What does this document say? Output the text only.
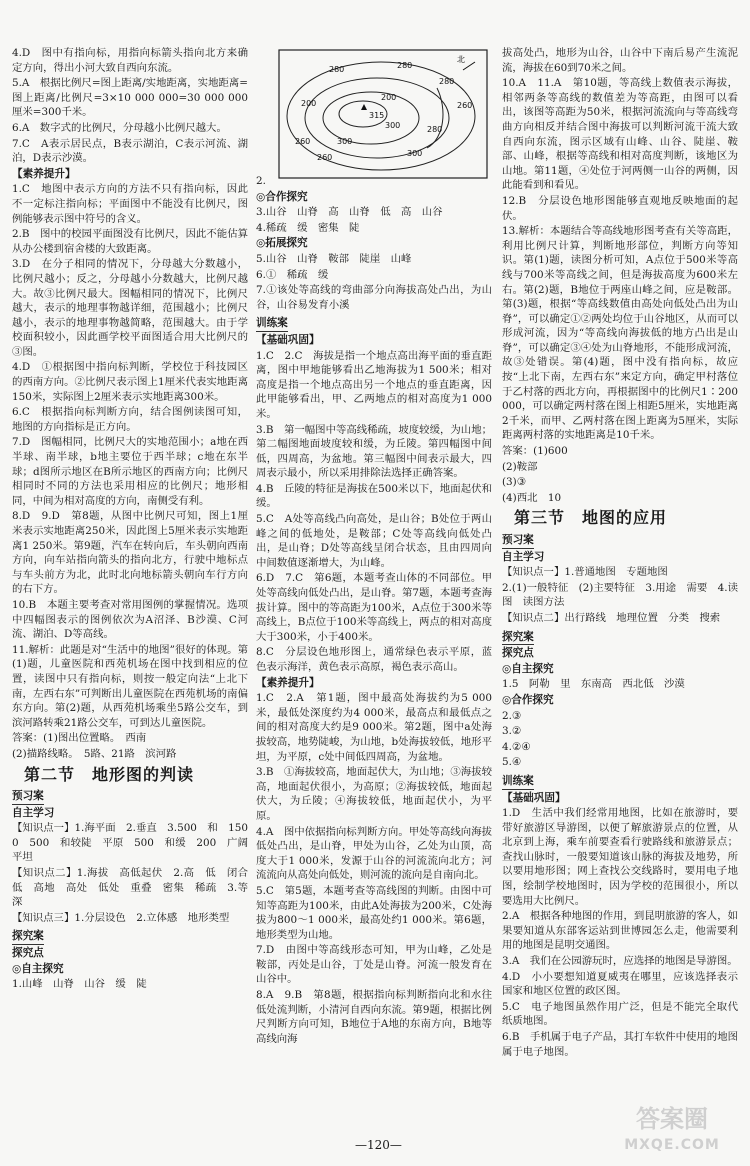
4.D　图中有指向标，用指向标箭头指向北方来确定方向，得出小河大致自西向东流。
5.A　根据比例尺=图上距离/实地距离，实地距离=图上距离/比例尺=3×10 000 000=30 000 000厘米=300千米。
6.A　数字式的比例尺，分母越小比例尺越大。
7.C　A表示居民点，B表示湖泊，C表示河流、湖泊，D表示沙漠。
【素养提升】
1.C　地图中表示方向的方法不只有指向标，因此不一定标注指向标；平面图中不能没有比例尺，图例能够表示图中符号的含义。
2.B　图中的校园平面图没有比例尺，因此不能估算从办公楼到宿舍楼的大致距离。
3.D　在分子相同的情况下，分母越大分数越小，比例尺越小；反之，分母越小分数越大，比例尺越大。故③比例尺最大。图幅相同的情况下，比例尺越大，表示的地理事物越详细，范围越小；比例尺越小，表示的地理事物越简略，范围越大。由于学校面积较小，因此画学校平面图适合用大比例尺的③图。
4.D　①根据图中指向标判断，学校位于科技园区的西南方向。②比例尺表示图上1厘米代表实地距离150米，实际图上2厘米表示实地距离300米。
6.C　根据指向标判断方向，结合图例读图可知，地图的方向指标是正方向。
7.D　图幅相同，比例尺大的实地范围小；a地在西半球、南半球，b地主要位于西半球；c地在东半球；d图所示地区在B所示地区的西南方向；比例尺相同时不同的方法也采用相应的比例尺；地形相同，中间为相对高度的方向，南侧受有利。
8.D　9.D　第8题，从图中比例尺可知，图上1厘米表示实地距离250米，因此图上5厘米表示实地距离1 250米。第9题，汽车在转向后，车头朝向西南方向，向车站指向箭头的指向北方，行驶中地标点与车头前方为北，此时北向地标箭头朝向车行方向的右下方。
10.B　本题主要考查对常用图例的掌握情况。选项中四幅图表示的图例依次为A沼泽、B沙漠、C河流、湖泊、D等高线。
11.解析：此题是对“生活中的地图”很好的体现。第(1)题，儿童医院和西苑机场在图中找到相应的位置，读图中只有指向标，则按一般定向法“上北下南，左西右东”可判断出儿童医院在西苑机场的南偏东方向。第(2)题，从西苑机场乘坐5路公交车，到滨河路转乘21路公交车，可到达儿童医院。
答案：(1)图出位置略。　西南
(2)描路线略。　5路、21路　滨河路
第二节　地形图的判读
预习案

自主学习
【知识点一】1.海平面　2.垂直　3.500　和　1500　500　和较陡　平原　500　和缓　200　广阔平坦
【知识点二】1.海拔　高低起伏　2.高　低　闭合　低　高地　高处　低处　重叠　密集　稀疏　3.等深
【知识点三】1.分层设色　2.立体感　地形类型
探究案

探究点
◎自主探究
1.山峰　山脊　山谷　缓　陡
2.
200
260
260
280	280
280
300
300
200
260
280
300
315
北
◎合作探究
3.山谷　山脊　高　山脊　低　高　山谷
4.稀疏　缓　密集　陡
◎拓展探究
5.山谷　山脊　鞍部　陡崖　山峰
6.①　稀疏　缓
7.①该处等高线的弯曲部分向海拔高处凸出，为山谷，山谷易发育小溪
训练案

【基础巩固】
1.C　2.C　海拔是指一个地点高出海平面的垂直距离，图中甲地能够看出乙地海拔为1 500米；相对高度是指一个地点高出另一个地点的垂直距离，因此甲能够看出，甲、乙两地点的相对高度为1 000米。
3.B　第一幅图中等高线稀疏，坡度较缓，为山地；第二幅图地面坡度较和缓，为丘陵。第四幅图中间低，四周高，为盆地。第三幅图中间表示最大，四周表示最小，所以采用排除法选择正确答案。
4.B　丘陵的特征是海拔在500米以下，地面起伏和缓。
5.C　A处等高线凸向高处，是山谷；B处位于两山峰之间的低地处，是鞍部；C处等高线向低处凸出，是山脊；D处等高线呈闭合状态，且由四周向中间数值逐渐增大，为山峰。
6.D　7.C　第6题，本题考查山体的不同部位。甲处等高线向低处凸出，是山脊。第7题，本题考查海拔计算。图中的等高距为100米，A点位于300米等高线上，B点位于100米等高线上，两点的相对高度大于300米，小于400米。
8.C　分层设色地形图上，通常绿色表示平原，蓝色表示海洋，黄色表示高原，褐色表示高山。
【素养提升】
1.C　2.A　第1题，图中最高处海拔约为5 000米，最低处深度约为4 000米，最高点和最低点之间的相对高度大约是9 000米。第2题，图中a处海拔较高，地势陡峻，为山地，b处海拔较低，地形平坦，为平原，c处中间低四周高，为盆地。
3.B　①海拔较高，地面起伏大，为山地；③海拔较高，地面起伏很小，为高原；②海拔较低，地面起伏大，为丘陵；④海拔较低，地面起伏小，为平原。
4.A　图中依据指向标判断方向。甲处等高线向海拔低处凸出，是山脊，甲处为山谷，乙处为山顶，高度大于1 000米，发源于山谷的河流流向北方；河流流向从高处向低处，则河流的流向是自南向北。
5.C　第5题，本题考查等高线图的判断。由图中可知等高距为100米，由此A处海拔为200米，C处海拔为800～1 000米，最高处约1 000米。第6题，地形类型为山地。
7.D　由图中等高线形态可知，甲为山峰，乙处是鞍部，丙处是山谷，丁处是山脊。河流一般发育在山谷中。
8.A　9.B　第8题，根据指向标判断指向北和水往低处流判断，小清河自西向东流。第9题，根据比例尺判断方向可知，B地位于A地的东南方向，B地等高线向海
拔高处凸，地形为山谷，山谷中下南后易产生流泥流，海拔在60到70米之间。
10.A　11.A　第10题，等高线上数值表示海拔，相邻两条等高线的数值差为等高距，由图可以看出，该图等高距为50米，根据河流流向与等高线弯曲方向相反并结合图中海拔可以判断河流干流大致自西向东流，图示区域有山峰、山谷、陡崖、鞍部、山峰，根据等高线和相对高度判断，该地区为山地。第11题，④处位于河两侧一山谷的两侧，因此能看到和看见。
12.B　分层设色地形图能够直观地反映地面的起伏。
13.解析：本题结合等高线地形图考查有关等高距，利用比例尺计算，判断地形部位，判断方向等知识。第(1)题，读图分析可知，A点位于500米等高线与700米等高线之间，但是海拔高度为600米左右。第(2)题，B地位于两座山峰之间，应是鞍部。第(3)题，根据“等高线数值由高处向低处凸出为山脊”，可以确定①②两处均位于山谷地区，从而可以形成河流，因为“等高线向海拔低的地方凸出是山脊”，可以确定③④处为山脊地形，不能形成河流，故③处错误。第(4)题，图中没有指向标，故应按“上北下南，左西右东”来定方向，确定甲村落位于乙村落的西北方向，再根据图中的比例尺1∶200 000，可以确定两村落在图上相距5厘米，实地距离2千米，而甲、乙两村落在图上距离为5厘米，实际距离两村落的实地距离是10千米。
答案：(1)600
(2)鞍部
(3)③
(4)西北　10
第三节　地图的应用
预习案

自主学习
【知识点一】1.普通地图　专题地图
2.(1)一般特征　(2)主要特征　3.用途　需要　4.读图　读图方法
【知识点二】出行路线　地理位置　分类　搜索
探究案

探究点
◎自主探究
1.5　阿勒　里　东南高　西北低　沙漠
◎合作探究
2.③
3.②
4.②④
5.④
训练案

【基础巩固】
1.D　生活中我们经常用地图，比如在旅游时，要带好旅游区导游图，以便了解旅游景点的位置，从北京到上海，乘车前要查看行驶路线和旅游景点；查找山脉时，一般要知道该山脉的海拔及地势，所以要用地形图；网上查找公交线路时，要用电子地图，绘制学校地图时，因为学校的范围很小，所以要选用大比例尺。
2.A　根据各种地图的作用，到昆明旅游的客人，如果要知道从东部客运站到世博园怎么走，他需要利用的地图是昆明交通图。
3.A　我们在公园游玩时，应选择的地图是导游图。
4.D　小小要想知道夏威夷在哪里，应该选择表示国家和地区位置的政区图。
5.C　电子地图虽然作用广泛，但是不能完全取代纸质地图。
6.B　手机属于电子产品，其打车软件中使用的地图属于电子地图。
—120—
答案圈
MXQE.COM
